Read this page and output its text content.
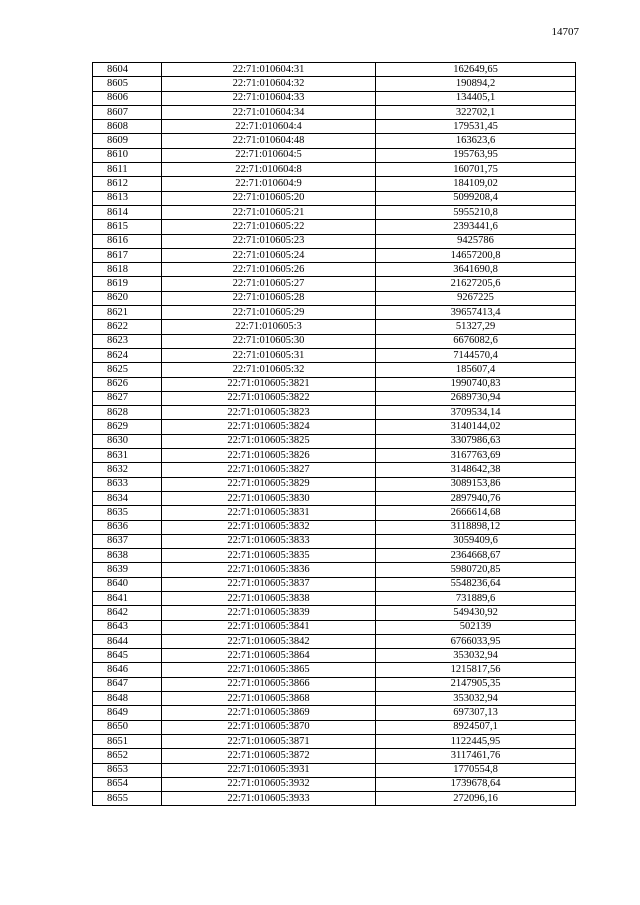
14707
8604	22:71:010604:31	162649,65
8605	22:71:010604:32	190894,2
8606	22:71:010604:33	134405,1
8607	22:71:010604:34	322702,1
8608	22:71:010604:4	179531,45
8609	22:71:010604:48	163623,6
8610	22:71:010604:5	195763,95
8611	22:71:010604:8	160701,75
8612	22:71:010604:9	184109,02
8613	22:71:010605:20	5099208,4
8614	22:71:010605:21	5955210,8
8615	22:71:010605:22	2393441,6
8616	22:71:010605:23	9425786
8617	22:71:010605:24	14657200,8
8618	22:71:010605:26	3641690,8
8619	22:71:010605:27	21627205,6
8620	22:71:010605:28	9267225
8621	22:71:010605:29	39657413,4
8622	22:71:010605:3	51327,29
8623	22:71:010605:30	6676082,6
8624	22:71:010605:31	7144570,4
8625	22:71:010605:32	185607,4
8626	22:71:010605:3821	1990740,83
8627	22:71:010605:3822	2689730,94
8628	22:71:010605:3823	3709534,14
8629	22:71:010605:3824	3140144,02
8630	22:71:010605:3825	3307986,63
8631	22:71:010605:3826	3167763,69
8632	22:71:010605:3827	3148642,38
8633	22:71:010605:3829	3089153,86
8634	22:71:010605:3830	2897940,76
8635	22:71:010605:3831	2666614,68
8636	22:71:010605:3832	3118898,12
8637	22:71:010605:3833	3059409,6
8638	22:71:010605:3835	2364668,67
8639	22:71:010605:3836	5980720,85
8640	22:71:010605:3837	5548236,64
8641	22:71:010605:3838	731889,6
8642	22:71:010605:3839	549430,92
8643	22:71:010605:3841	502139
8644	22:71:010605:3842	6766033,95
8645	22:71:010605:3864	353032,94
8646	22:71:010605:3865	1215817,56
8647	22:71:010605:3866	2147905,35
8648	22:71:010605:3868	353032,94
8649	22:71:010605:3869	697307,13
8650	22:71:010605:3870	8924507,1
8651	22:71:010605:3871	1122445,95
8652	22:71:010605:3872	3117461,76
8653	22:71:010605:3931	1770554,8
8654	22:71:010605:3932	1739678,64
8655	22:71:010605:3933	272096,16
